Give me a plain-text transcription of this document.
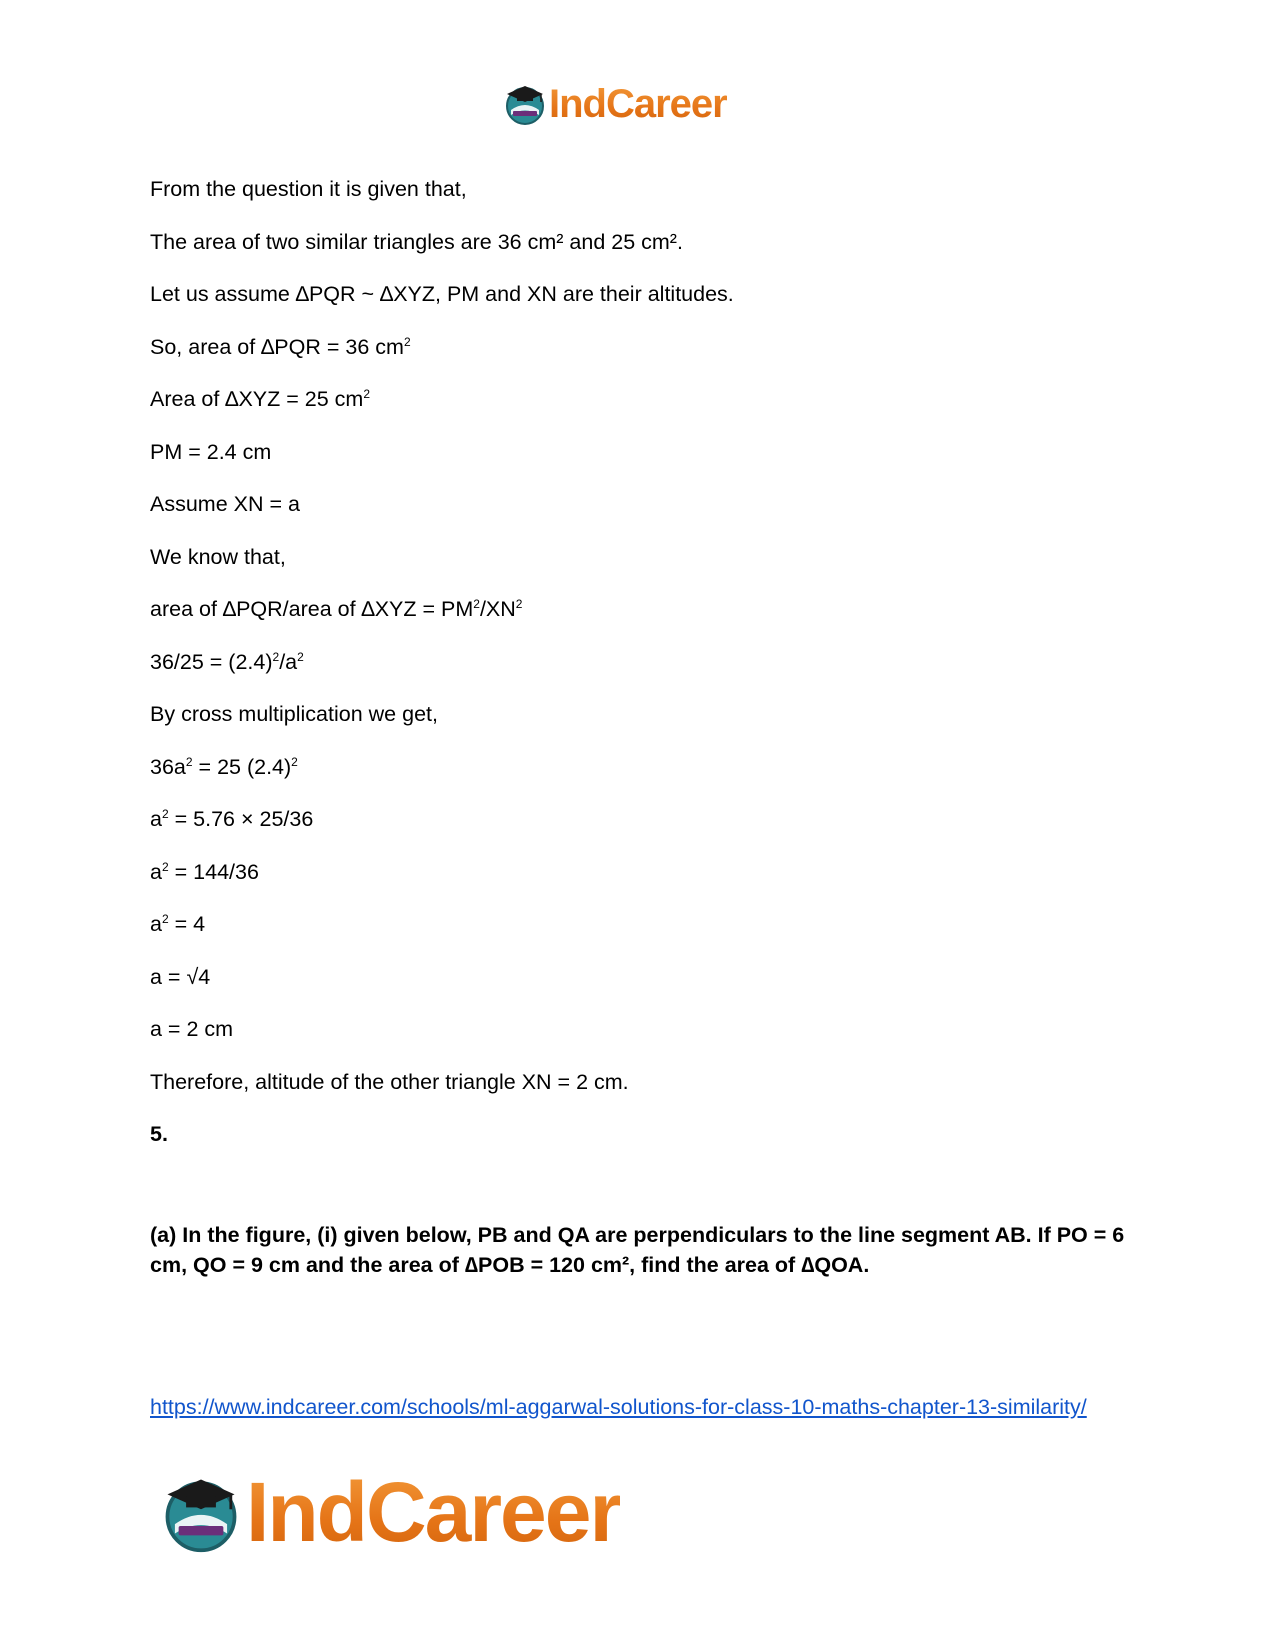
IndCareer
From the question it is given that,
The area of two similar triangles are 36 cm² and 25 cm².
Let us assume ∆PQR ~ ∆XYZ, PM and XN are their altitudes.
So, area of ∆PQR = 36 $cm^2$
Area of ∆XYZ = 25 $cm^2$
PM = 2.4 cm
Assume XN = a
We know that,
area of ∆PQR/area of $\Delta XYZ = PM^2/XN^2$
$36/25 = (2.4)^2/a^2$
By cross multiplication we get,
$36a^2 = 25$ $(2.4)^2$
$a^2 = 5.76 \times 25/36$
$a^2 = 144/36$
$a^2 = 4$
a = √4
a = 2 cm
Therefore, altitude of the other triangle XN = 2 cm.
5.
(a) In the figure, (i) given below, PB and QA are perpendiculars to the line segment AB. If PO = 6 cm, QO = 9 cm and the area of ∆POB = 120 cm², find the area of ∆QOA.
https://www.indcareer.com/schools/ml-aggarwal-solutions-for-class-10-maths-chapter-13-similarity/
IndCareer
